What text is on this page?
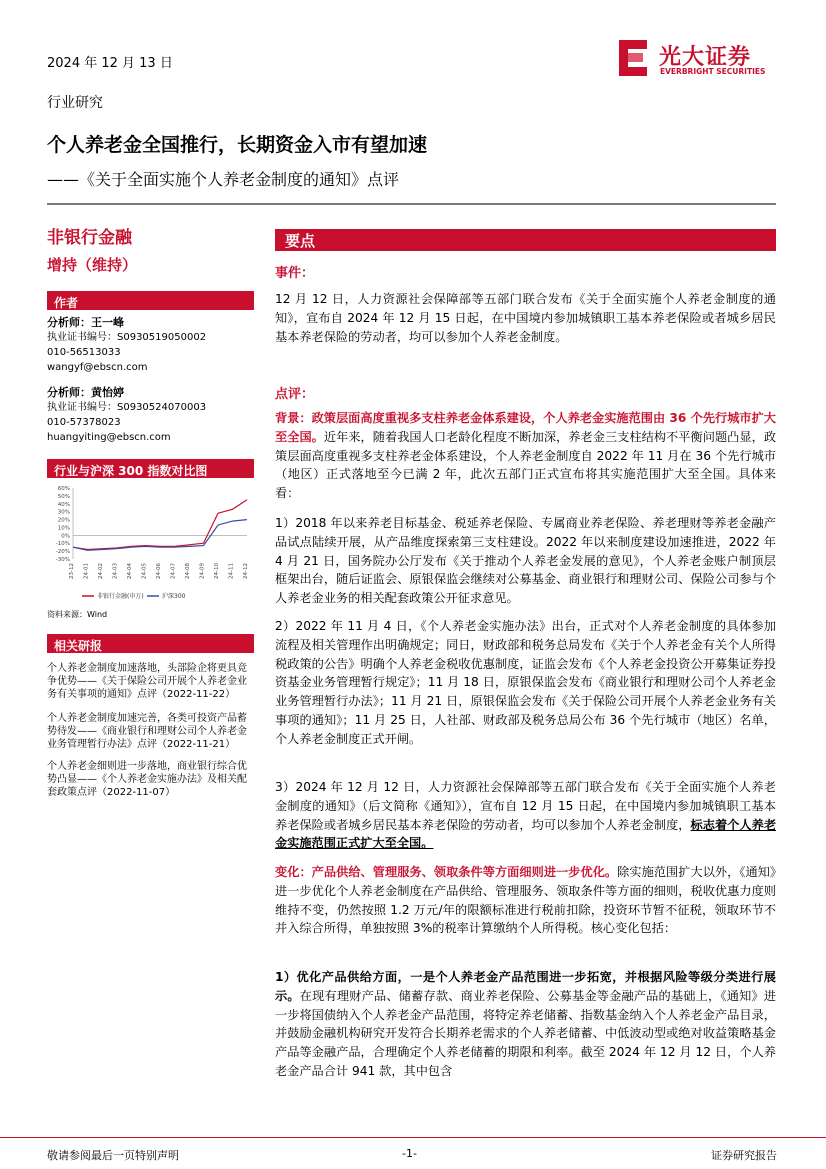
2024 年 12 月 13 日	光大证券
EVERBRIGHT SECURITIES
行业研究
个人养老金全国推行，长期资金入市有望加速
——《关于全面实施个人养老金制度的通知》点评
非银行金融
增持（维持）
作者
分析师：王一峰
执业证书编号：S0930519050002
010-56513033
wangyf@ebscn.com
分析师：黄怡婷
执业证书编号：S0930524070003
010-57378023
huangyiting@ebscn.com
行业与沪深 300 指数对比图
60%
50%
40%
30%
20%
10%
0%
-10%
-20%
-30%
23-12 24-01 24-02 24-03 24-04 24-05 24-06 24-07 24-08 24-09 24-10 24-11 24-12
非银行金融(申万)	沪深300
资料来源：Wind
相关研报
个人养老金制度加速落地，头部险企将更具竞争优势——《关于保险公司开展个人养老金业务有关事项的通知》点评（2022-11-22）
个人养老金制度加速完善，各类可投资产品蓄势待发——《商业银行和理财公司个人养老金业务管理暂行办法》点评（2022-11-21）
个人养老金细则进一步落地，商业银行综合优势凸显——《个人养老金实施办法》及相关配套政策点评（2022-11-07）
要点
事件：
12 月 12 日，人力资源社会保障部等五部门联合发布《关于全面实施个人养老金制度的通知》，宣布自 2024 年 12 月 15 日起，在中国境内参加城镇职工基本养老保险或者城乡居民基本养老保险的劳动者，均可以参加个人养老金制度。
点评：
背景：政策层面高度重视多支柱养老金体系建设，个人养老金实施范围由 36 个先行城市扩大至全国。近年来，随着我国人口老龄化程度不断加深，养老金三支柱结构不平衡问题凸显，政策层面高度重视多支柱养老金体系建设，个人养老金制度自 2022 年 11 月在 36 个先行城市（地区）正式落地至今已满 2 年，此次五部门正式宣布将其实施范围扩大至全国。具体来看：
1）2018 年以来养老目标基金、税延养老保险、专属商业养老保险、养老理财等养老金融产品试点陆续开展，从产品维度探索第三支柱建设。2022 年以来制度建设加速推进，2022 年 4 月 21 日，国务院办公厅发布《关于推动个人养老金发展的意见》，个人养老金账户制顶层框架出台，随后证监会、原银保监会继续对公募基金、商业银行和理财公司、保险公司参与个人养老金业务的相关配套政策公开征求意见。
2）2022 年 11 月 4 日，《个人养老金实施办法》出台，正式对个人养老金制度的具体参加流程及相关管理作出明确规定；同日，财政部和税务总局发布《关于个人养老金有关个人所得税政策的公告》明确个人养老金税收优惠制度，证监会发布《个人养老金投资公开募集证券投资基金业务管理暂行规定》；11 月 18 日，原银保监会发布《商业银行和理财公司个人养老金业务管理暂行办法》；11 月 21 日，原银保监会发布《关于保险公司开展个人养老金业务有关事项的通知》；11 月 25 日，人社部、财政部及税务总局公布 36 个先行城市（地区）名单，个人养老金制度正式开闸。
3）2024 年 12 月 12 日，人力资源社会保障部等五部门联合发布《关于全面实施个人养老金制度的通知》（后文简称《通知》），宣布自 12 月 15 日起，在中国境内参加城镇职工基本养老保险或者城乡居民基本养老保险的劳动者，均可以参加个人养老金制度，标志着个人养老金实施范围正式扩大至全国。
变化：产品供给、管理服务、领取条件等方面细则进一步优化。除实施范围扩大以外，《通知》进一步优化个人养老金制度在产品供给、管理服务、领取条件等方面的细则，税收优惠力度则维持不变，仍然按照 1.2 万元/年的限额标准进行税前扣除，投资环节暂不征税，领取环节不并入综合所得，单独按照 3%的税率计算缴纳个人所得税。核心变化包括：
1）优化产品供给方面，一是个人养老金产品范围进一步拓宽，并根据风险等级分类进行展示。在现有理财产品、储蓄存款、商业养老保险、公募基金等金融产品的基础上，《通知》进一步将国债纳入个人养老金产品范围，将特定养老储蓄、指数基金纳入个人养老金产品目录，并鼓励金融机构研究开发符合长期养老需求的个人养老储蓄、中低波动型或绝对收益策略基金产品等金融产品，合理确定个人养老储蓄的期限和利率。截至 2024 年 12 月 12 日，个人养老金产品合计 941 款，其中包含
敬请参阅最后一页特别声明	-1-	证券研究报告
